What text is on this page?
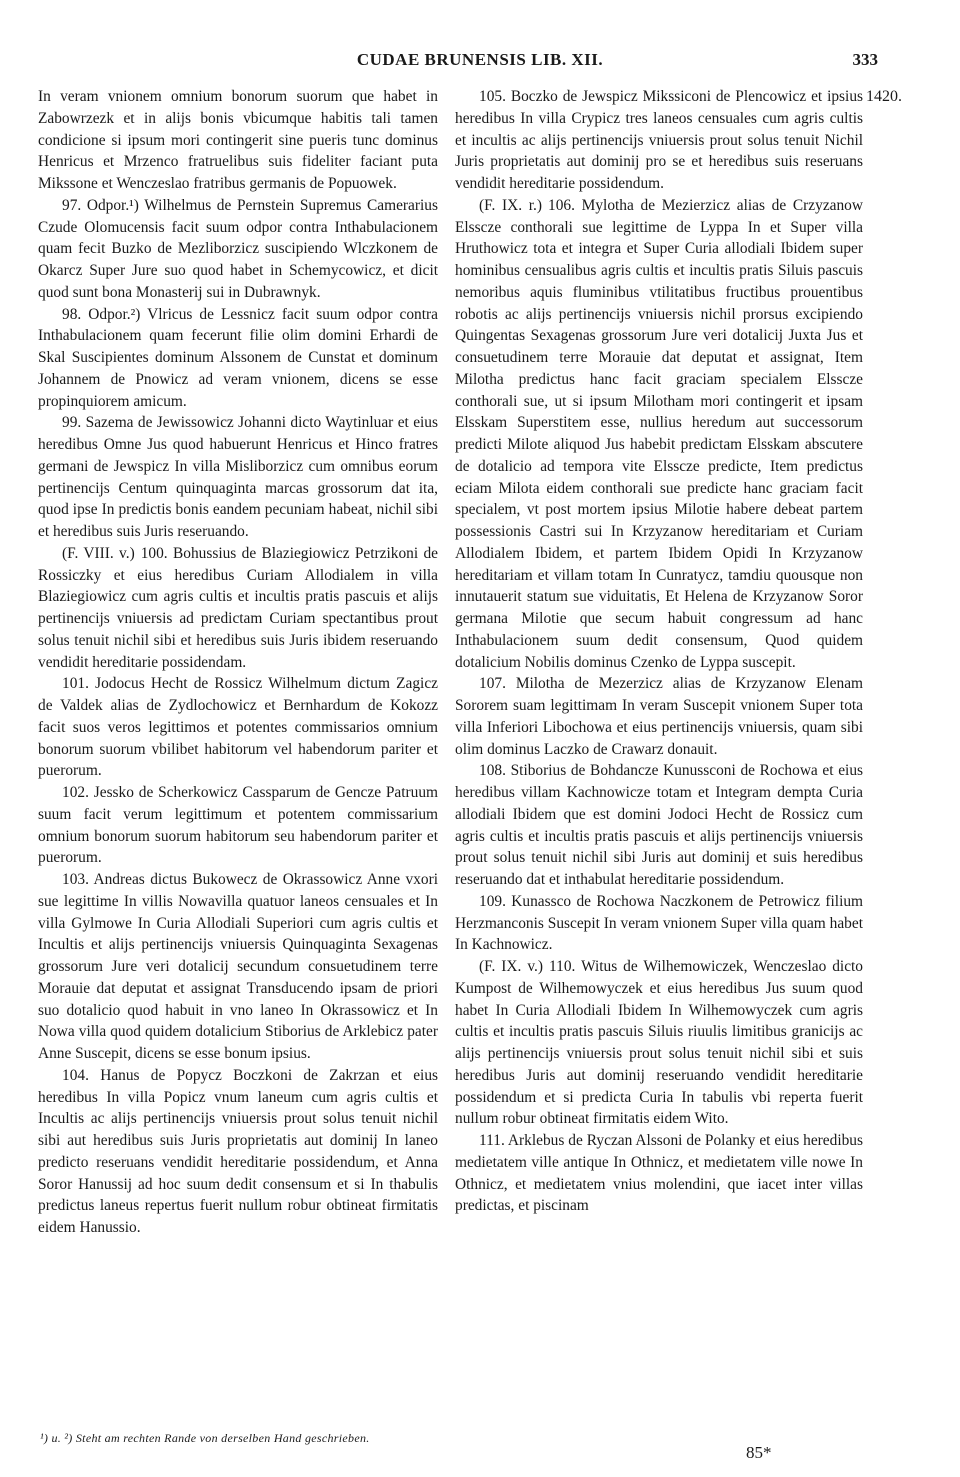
CUDAE BRUNENSIS LIB. XII.	333

In veram vnionem omnium bonorum suorum que habet in Zabowrzezk et in alijs bonis vbicumque habitis tali tamen condicione si ipsum mori contingerit sine pueris tunc dominus Henricus et Mrzenco fratruelibus suis fideliter faciant puta Mikssone et Wenczeslao fratribus germanis de Popuowek.

97. Odpor.¹) Wilhelmus de Pernstein Supremus Camerarius Czude Olomucensis facit suum odpor contra Inthabulacionem quam fecit Buzko de Mezliborzicz suscipiendo Wlczkonem de Okarcz Super Jure suo quod habet in Schemycowicz, et dicit quod sunt bona Monasterij sui in Dubrawnyk.

98. Odpor.²) Vlricus de Lessnicz facit suum odpor contra Inthabulacionem quam fecerunt filie olim domini Erhardi de Skal Suscipientes dominum Alssonem de Cunstat et dominum Johannem de Pnowicz ad veram vnionem, dicens se esse propinquiorem amicum.

99. Sazema de Jewissowicz Johanni dicto Waytinluar et eius heredibus Omne Jus quod habuerunt Henricus et Hinco fratres germani de Jewspicz In villa Misliborzicz cum omnibus eorum pertinencijs Centum quinquaginta marcas grossorum dat ita, quod ipse In predictis bonis eandem pecuniam habeat, nichil sibi et heredibus suis Juris reseruando.

(F. VIII. v.) 100. Bohussius de Blaziegiowicz Petrzikoni de Rossiczky et eius heredibus Curiam Allodialem in villa Blaziegiowicz cum agris cultis et incultis pratis pascuis et alijs pertinencijs vniuersis ad predictam Curiam spectantibus prout solus tenuit nichil sibi et heredibus suis Juris ibidem reseruando vendidit hereditarie possidendam.

101. Jodocus Hecht de Rossicz Wilhelmum dictum Zagicz de Valdek alias de Zydlochowicz et Bernhardum de Kokozz facit suos veros legittimos et potentes commissarios omnium bonorum suorum vbilibet habitorum vel habendorum pariter et puerorum.

102. Jessko de Scherkowicz Cassparum de Gencze Patruum suum facit verum legittimum et potentem commissarium omnium bonorum suorum habitorum seu habendorum pariter et puerorum.

103. Andreas dictus Bukowecz de Okrassowicz Anne vxori sue legittime In villis Nowavilla quatuor laneos censuales et In villa Gylmowe In Curia Allodiali Superiori cum agris cultis et Incultis et alijs pertinencijs vniuersis Quinquaginta Sexagenas grossorum Jure veri dotalicij secundum consuetudinem terre Morauie dat deputat et assignat Transducendo ipsam de priori suo dotalicio quod habuit in vno laneo In Okrassowicz et In Nowa villa quod quidem dotalicium Stiborius de Arklebicz pater Anne Suscepit, dicens se esse bonum ipsius.

104. Hanus de Popycz Boczkoni de Zakrzan et eius heredibus In villa Popicz vnum laneum cum agris cultis et Incultis ac alijs pertinencijs vniuersis prout solus tenuit nichil sibi aut heredibus suis Juris proprietatis aut dominij In laneo predicto reseruans vendidit hereditarie possidendum, et Anna Soror Hanussij ad hoc suum dedit consensum et si In thabulis predictus laneus repertus fuerit nullum robur obtineat firmitatis eidem Hanussio.

105. Boczko de Jewspicz Mikssiconi de Plencowicz et ipsius heredibus In villa Crypicz tres laneos censuales cum agris cultis et incultis ac alijs pertinencijs vniuersis prout solus tenuit Nichil Juris proprietatis aut dominij pro se et heredibus suis reseruans vendidit hereditarie possidendum.

(F. IX. r.) 106. Mylotha de Mezierzicz alias de Crzyzanow Elsscze conthorali sue legittime de Lyppa In et Super villa Hruthowicz tota et integra et Super Curia allodiali Ibidem super hominibus censualibus agris cultis et incultis pratis Siluis pascuis nemoribus aquis fluminibus vtilitatibus fructibus prouentibus robotis ac alijs pertinencijs vniuersis nichil prorsus excipiendo Quingentas Sexagenas grossorum Jure veri dotalicij Juxta Jus et consuetudinem terre Morauie dat deputat et assignat, Item Milotha predictus hanc facit graciam specialem Elsscze conthorali sue, ut si ipsum Milotham mori contingerit et ipsam Elsskam Superstitem esse, nullius heredum aut successorum predicti Milote aliquod Jus habebit predictam Elsskam abscutere de dotalicio ad tempora vite Elsscze predicte, Item predictus eciam Milota eidem conthorali sue predicte hanc graciam facit specialem, vt post mortem ipsius Milotie habere debeat partem possessionis Castri sui In Krzyzanow hereditariam et Curiam Allodialem Ibidem, et partem Ibidem Opidi In Krzyzanow hereditariam et villam totam In Cunratycz, tamdiu quousque non innutauerit statum sue viduitatis, Et Helena de Krzyzanow Soror germana Milotie que secum habuit congressum ad hanc Inthabulacionem suum dedit consensum, Quod quidem dotalicium Nobilis dominus Czenko de Lyppa suscepit.

107. Milotha de Mezerzicz alias de Krzyzanow Elenam Sororem suam legittimam In veram Suscepit vnionem Super tota villa Inferiori Libochowa et eius pertinencijs vniuersis, quam sibi olim dominus Laczko de Crawarz donauit.

108. Stiborius de Bohdancze Kunussconi de Rochowa et eius heredibus villam Kachnowicze totam et Integram dempta Curia allodiali Ibidem que est domini Jodoci Hecht de Rossicz cum agris cultis et incultis pratis pascuis et alijs pertinencijs vniuersis prout solus tenuit nichil sibi Juris aut dominij et suis heredibus reseruando dat et inthabulat hereditarie possidendum.

109. Kunassco de Rochowa Naczkonem de Petrowicz filium Herzmanconis Suscepit In veram vnionem Super villa quam habet In Kachnowicz.

(F. IX. v.) 110. Witus de Wilhemowiczek, Wenczeslao dicto Kumpost de Wilhemowyczek et eius heredibus Jus suum quod habet In Curia Allodiali Ibidem In Wilhemowyczek cum agris cultis et incultis pratis pascuis Siluis riuulis limitibus granicijs ac alijs pertinencijs vniuersis prout solus tenuit nichil sibi et suis heredibus Juris aut dominij reseruando vendidit hereditarie possidendum et si predicta Curia In tabulis vbi reperta fuerit nullum robur obtineat firmitatis eidem Wito.

111. Arklebus de Ryczan Alssoni de Polanky et eius heredibus medietatem ville antique In Othnicz, et medietatem ville nowe In Othnicz, et medietatem vnius molendini, que iacet inter villas predictas, et piscinam

1420.
¹) u. ²) Steht am rechten Rande von derselben Hand geschrieben.
85*
